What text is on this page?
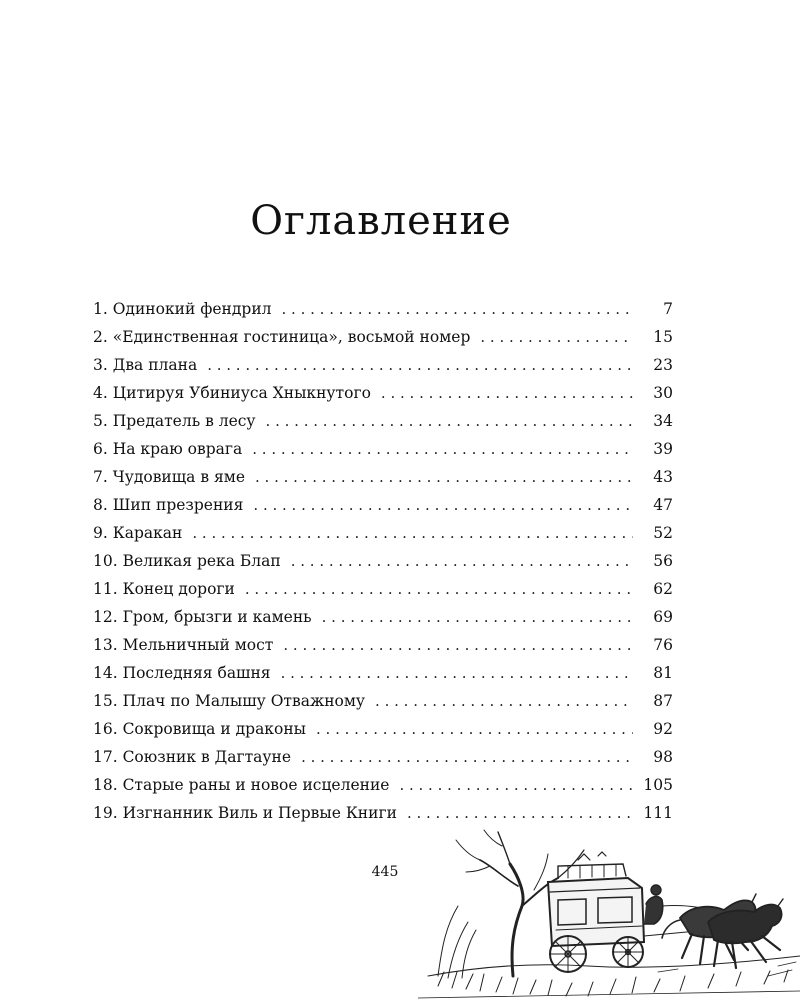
Оглавление
1. Одинокий фендрил . . .	7
2. «Единственная гостиница», восьмой номер . . .	15
3. Два плана . . .	23
4. Цитируя Убиниуса Хныкнутого . . .	30
5. Предатель в лесу . . .	34
6. На краю оврага . . .	39
7. Чудовища в яме . . .	43
8. Шип презрения . . .	47
9. Каракан . . .	52
10. Великая река Блап . . .	56
11. Конец дороги . . .	62
12. Гром, брызги и камень . . .	69
13. Мельничный мост . . .	76
14. Последняя башня . . .	81
15. Плач по Малышу Отважному . . .	87
16. Сокровища и драконы . . .	92
17. Союзник в Дагтауне . . .	98
18. Старые раны и новое исцеление . . .	105
19. Изгнанник Виль и Первые Книги . . .	111
445
